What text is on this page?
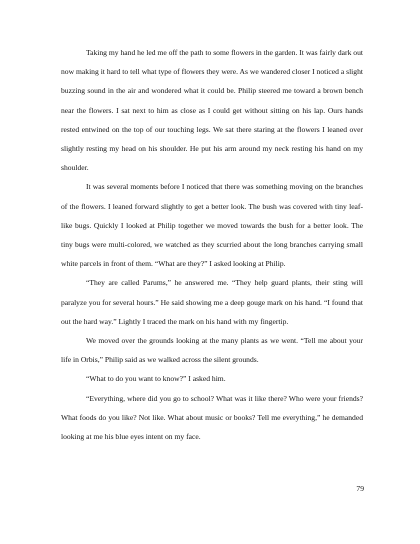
Taking my hand he led me off the path to some flowers in the garden. It was fairly dark out now making it hard to tell what type of flowers they were. As we wandered closer I noticed a slight buzzing sound in the air and wondered what it could be. Philip steered me toward a brown bench near the flowers. I sat next to him as close as I could get without sitting on his lap. Ours hands rested entwined on the top of our touching legs. We sat there staring at the flowers I leaned over slightly resting my head on his shoulder. He put his arm around my neck resting his hand on my shoulder.

It was several moments before I noticed that there was something moving on the branches of the flowers. I leaned forward slightly to get a better look. The bush was covered with tiny leaf-like bugs. Quickly I looked at Philip together we moved towards the bush for a better look. The tiny bugs were multi-colored, we watched as they scurried about the long branches carrying small white parcels in front of them. “What are they?” I asked looking at Philip.

“They are called Parums,” he answered me. “They help guard plants, their sting will paralyze you for several hours.” He said showing me a deep gouge mark on his hand. “I found that out the hard way.” Lightly I traced the mark on his hand with my fingertip.

We moved over the grounds looking at the many plants as we went. “Tell me about your life in Orbis,” Philip said as we walked across the silent grounds.

“What to do you want to know?” I asked him.

“Everything, where did you go to school? What was it like there? Who were your friends? What foods do you like? Not like. What about music or books? Tell me everything,” he demanded looking at me his blue eyes intent on my face.

79
